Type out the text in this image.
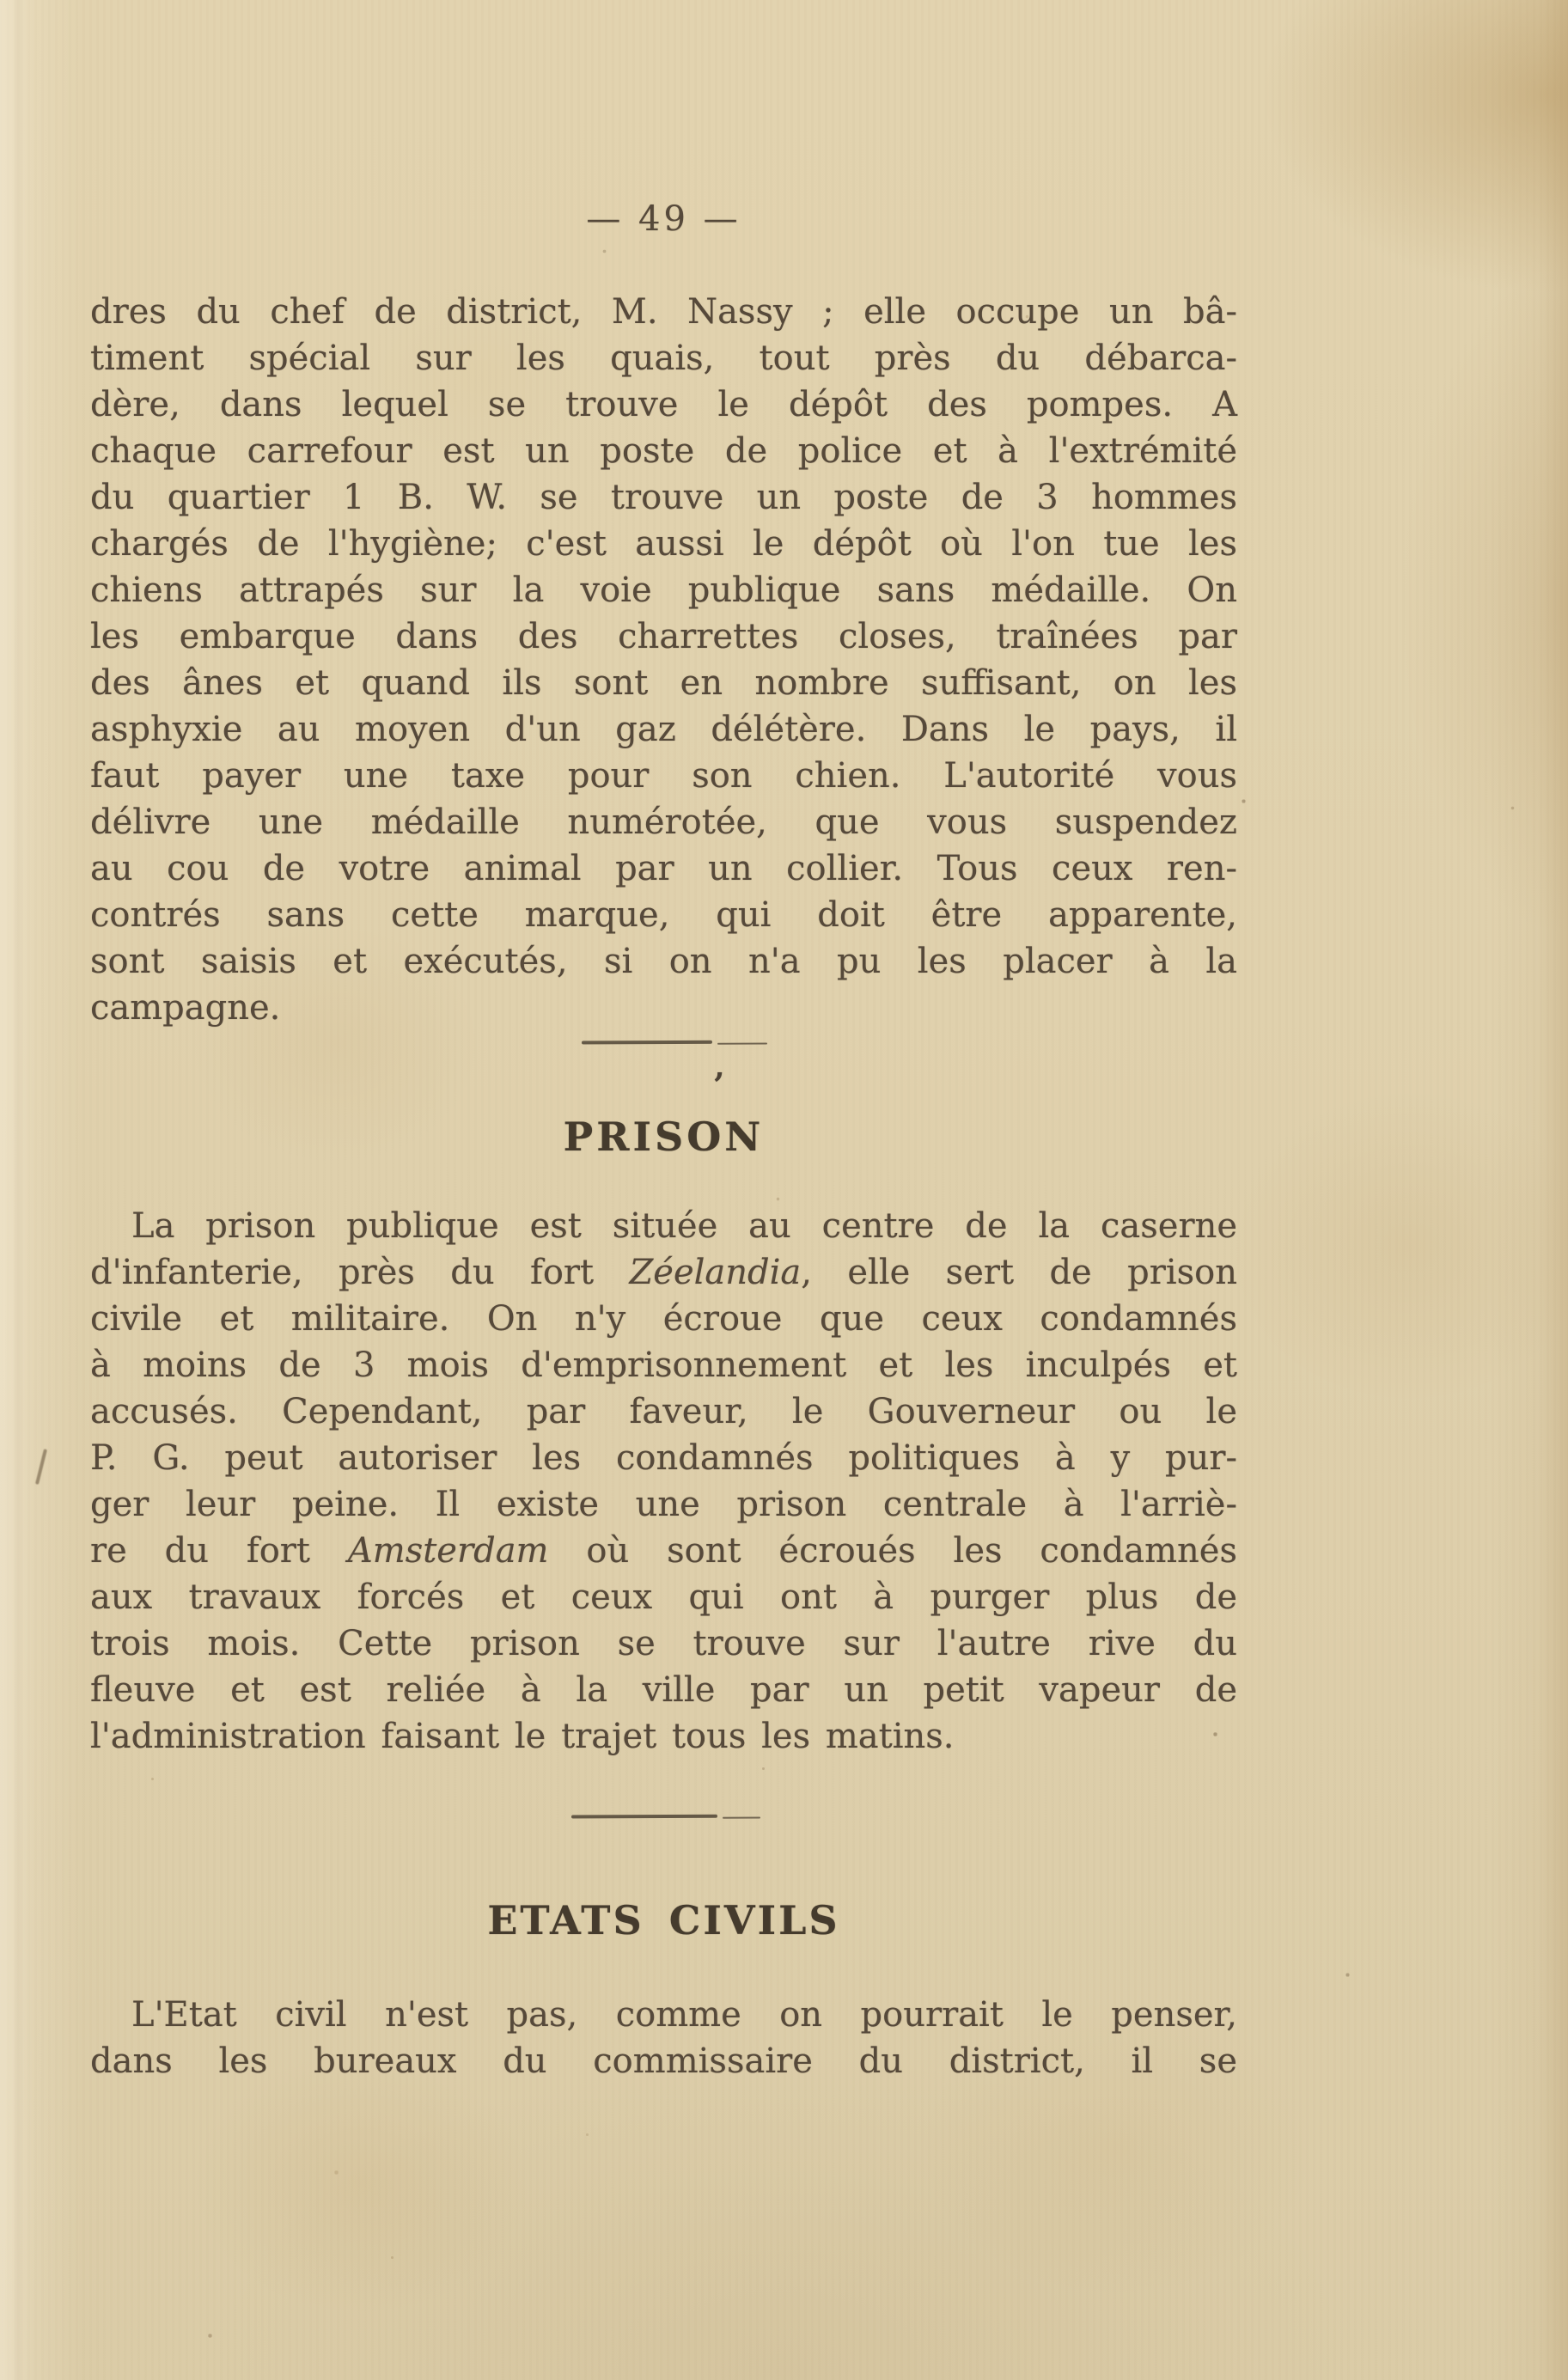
— 49 —
dres du chef de district, M. Nassy ; elle occupe un bâ-
timent spécial sur les quais, tout près du débarca-
dère, dans lequel se trouve le dépôt des pompes. A
chaque carrefour est un poste de police et à l'extrémité
du quartier 1 B. W. se trouve un poste de 3 hommes
chargés de l'hygiène; c'est aussi le dépôt où l'on tue les
chiens attrapés sur la voie publique sans médaille. On
les embarque dans des charrettes closes, traînées par
des ânes et quand ils sont en nombre suffisant, on les
asphyxie au moyen d'un gaz délétère. Dans le pays, il
faut payer une taxe pour son chien. L'autorité vous
délivre une médaille numérotée, que vous suspendez
au cou de votre animal par un collier. Tous ceux ren-
contrés sans cette marque, qui doit être apparente,
sont saisis et exécutés, si on n'a pu les placer à la
campagne.
’
PRISON
La prison publique est située au centre de la caserne
d'infanterie, près du fort Zéelandia, elle sert de prison
civile et militaire. On n'y écroue que ceux condamnés
à moins de 3 mois d'emprisonnement et les inculpés et
accusés. Cependant, par faveur, le Gouverneur ou le
P. G. peut autoriser les condamnés politiques à y pur-
ger leur peine. Il existe une prison centrale à l'arriè-
re du fort Amsterdam où sont écroués les condamnés
aux travaux forcés et ceux qui ont à purger plus de
trois mois. Cette prison se trouve sur l'autre rive du
fleuve et est reliée à la ville par un petit vapeur de
l'administration faisant le trajet tous les matins.
ETATS CIVILS
L'Etat civil n'est pas, comme on pourrait le penser,
dans les bureaux du commissaire du district, il se
